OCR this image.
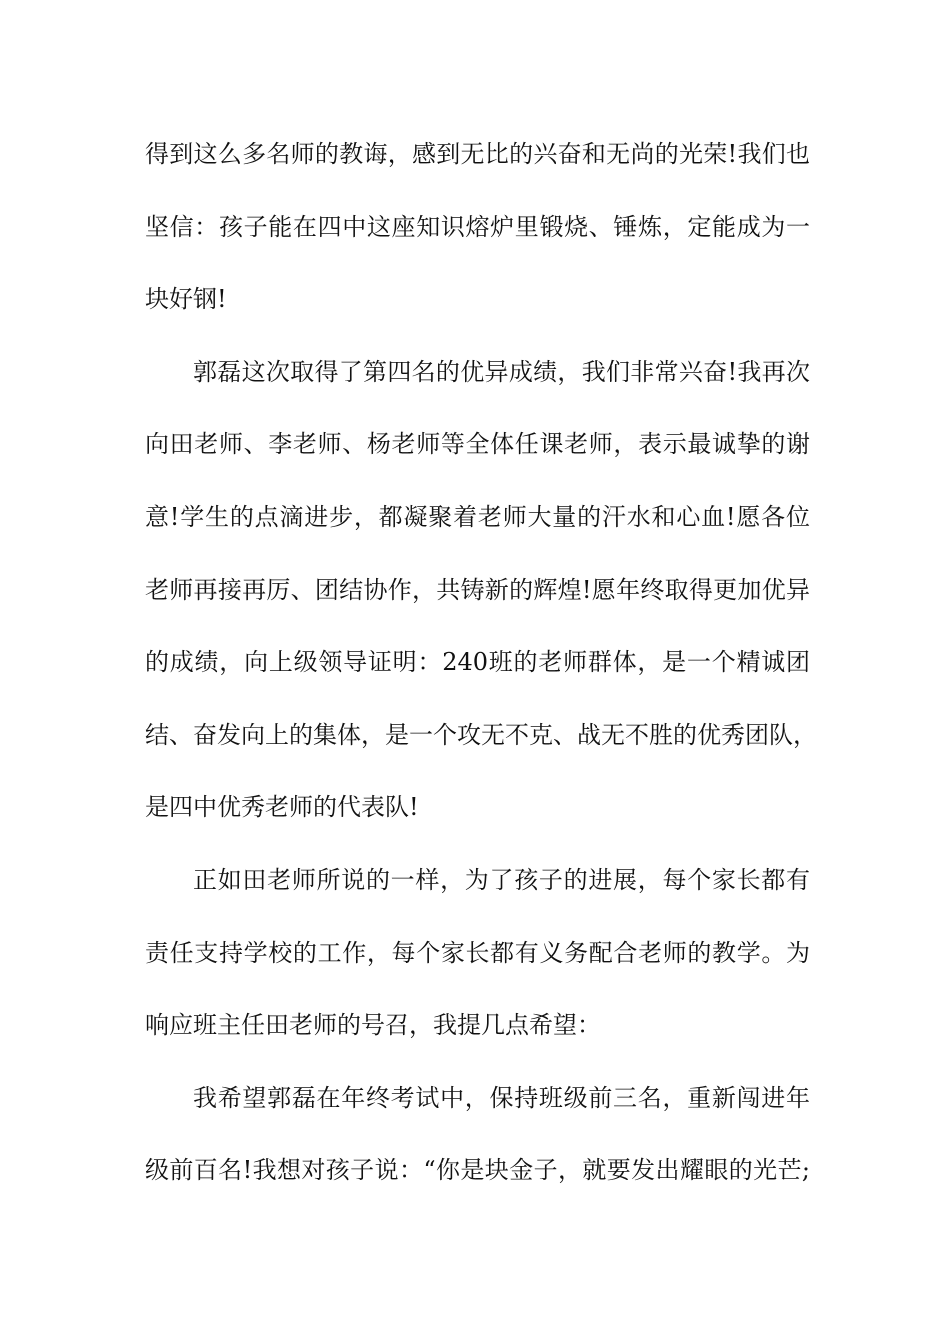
得到这么多名师的教诲，感到无比的兴奋和无尚的光荣!我们也
坚信：孩子能在四中这座知识熔炉里锻烧、锤炼，定能成为一
块好钢!
郭磊这次取得了第四名的优异成绩，我们非常兴奋!我再次
向田老师、李老师、杨老师等全体任课老师，表示最诚挚的谢
意!学生的点滴进步，都凝聚着老师大量的汗水和心血!愿各位
老师再接再厉、团结协作，共铸新的辉煌!愿年终取得更加优异
的成绩，向上级领导证明：240班的老师群体，是一个精诚团
结、奋发向上的集体，是一个攻无不克、战无不胜的优秀团队，
是四中优秀老师的代表队!
正如田老师所说的一样，为了孩子的进展，每个家长都有
责任支持学校的工作，每个家长都有义务配合老师的教学。为
响应班主任田老师的号召，我提几点希望：
我希望郭磊在年终考试中，保持班级前三名，重新闯进年
级前百名!我想对孩子说：“你是块金子，就要发出耀眼的光芒;
